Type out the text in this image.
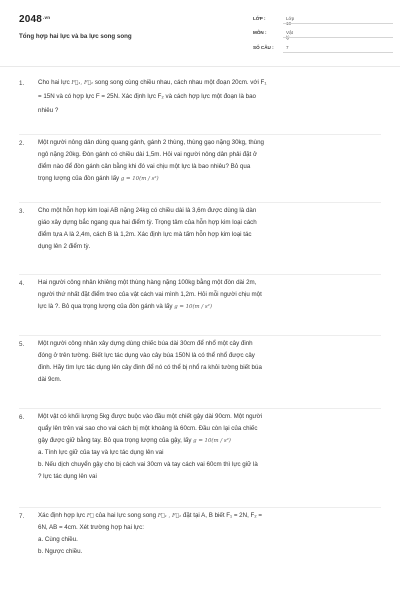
$2048^{.vn}$
Tổng hợp hai lực và ba lực song song
LỚP :	Lớp 10
MÔN :	Vật lý
SỐ CÂU :	7
1. Cho hai lực F⃗₁, F⃗₂ song song cùng chiều nhau, cách nhau một đoạn 20cm. với F₁
= 15N và có hợp lực F = 25N. Xác định lực F₂ và cách hợp lực một đoạn là bao
nhiêu ?
2. Một người nông dân dùng quang gánh, gánh 2 thùng, thùng gạo nặng 30kg, thùng
ngô nặng 20kg. Đòn gánh có chiều dài 1,5m. Hỏi vai người nông dân phải đặt ở
điểm nào để đòn gánh cân bằng khi đó vai chịu một lực là bao nhiêu? Bỏ qua
trọng lượng của đòn gánh lấy g = 10(m / s²)
3. Cho một hỗn hợp kim loại AB nặng 24kg có chiều dài là 3,6m được dùng là dàn
giáo xây dựng bắc ngang qua hai điểm tỳ. Trọng tâm của hỗn hợp kim loại cách
điểm tựa A là 2,4m, cách B là 1,2m. Xác định lực mà tấm hỗn hợp kim loại tác
dụng lên 2 điểm tỳ.
4. Hai người công nhân khiêng một thùng hàng nặng 100kg bằng một đòn dài 2m,
người thứ nhất đặt điểm treo của vật cách vai mình 1,2m. Hỏi mỗi người chịu một
lực là ?. Bỏ qua trọng lượng của đòn gánh và lấy g = 10(m / s²)
5. Một người công nhân xây dựng dùng chiếc búa dài 30cm để nhổ một cây đinh
đóng ở trên tường. Biết lực tác dụng vào cây búa 150N là có thể nhổ được cây
đinh. Hãy tìm lực tác dụng lên cây đinh để nó có thể bị nhổ ra khỏi tường biết búa
dài 9cm.
6. Một vật có khối lượng 5kg được buộc vào đầu một chiết gậy dài 90cm. Một người
quẩy lên trên vai sao cho vai cách bị một khoảng là 60cm. Đầu còn lại của chiếc
gậy được giữ bằng tay. Bỏ qua trọng lượng của gậy, lấy g = 10(m / s²)
a. Tính lực giữ của tay và lực tác dụng lên vai
b. Nếu dịch chuyển gậy cho bị cách vai 30cm và tay cách vai 60cm thì lực giữ là
? lực tác dụng lên vai
7. Xác định hợp lực F⃗ của hai lực song song F⃗₁ , F⃗₂ đặt tại A, B biết F₁ = 2N, F₂ =
6N, AB = 4cm. Xét trường hợp hai lực:
a. Cùng chiều.
b. Ngược chiều.
